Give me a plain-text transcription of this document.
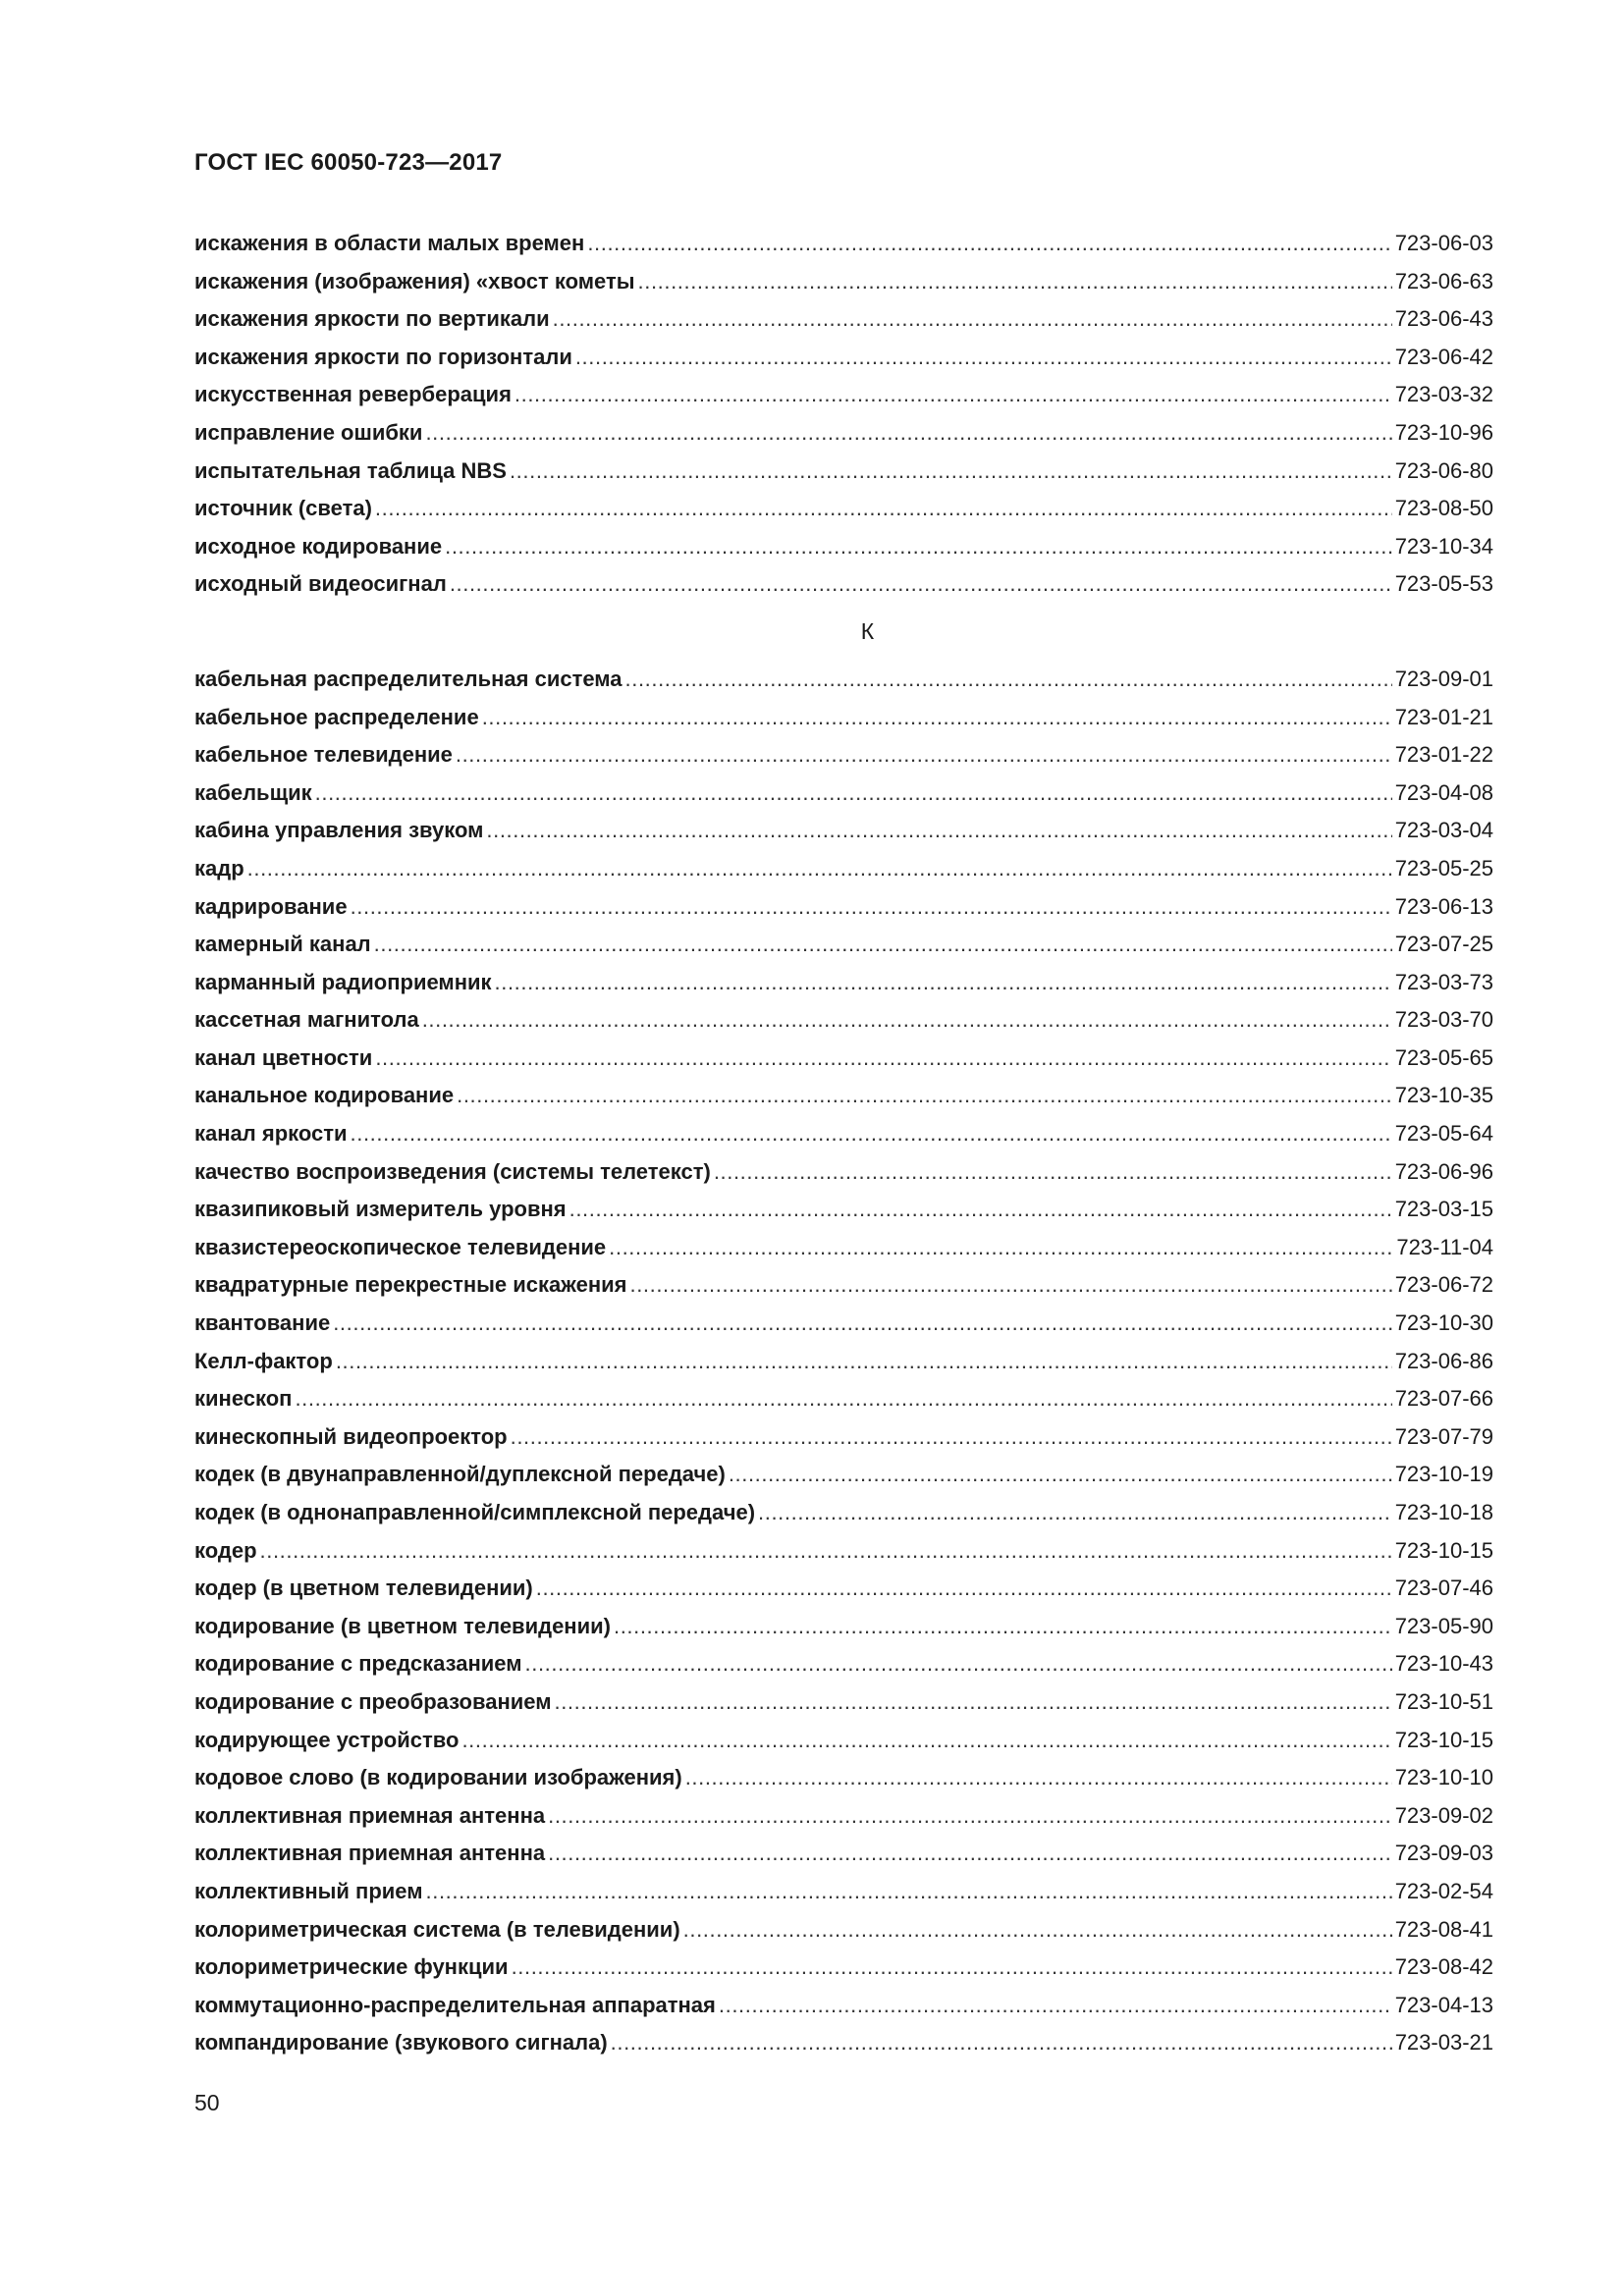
ГОСТ IEC 60050-723—2017
искажения в области малых времен .....	723-06-03
искажения (изображения) «хвост кометы .....	723-06-63
искажения яркости по вертикали .....	723-06-43
искажения яркости по горизонтали .....	723-06-42
искусственная реверберация .....	723-03-32
исправление ошибки .....	723-10-96
испытательная таблица NBS .....	723-06-80
источник (света) .....	723-08-50
исходное кодирование .....	723-10-34
исходный видеосигнал .....	723-05-53
К
кабельная распределительная система .....	723-09-01
кабельное распределение .....	723-01-21
кабельное телевидение .....	723-01-22
кабельщик .....	723-04-08
кабина управления звуком .....	723-03-04
кадр .....	723-05-25
кадрирование .....	723-06-13
камерный канал .....	723-07-25
карманный радиоприемник .....	723-03-73
кассетная магнитола .....	723-03-70
канал цветности .....	723-05-65
канальное кодирование .....	723-10-35
канал яркости .....	723-05-64
качество воспроизведения (системы телетекст) .....	723-06-96
квазипиковый измеритель уровня .....	723-03-15
квазистереоскопическое телевидение .....	723-11-04
квадратурные перекрестные искажения .....	723-06-72
квантование .....	723-10-30
Келл-фактор .....	723-06-86
кинескоп .....	723-07-66
кинескопный видеопроектор .....	723-07-79
кодек (в двунаправленной/дуплексной передаче) .....	723-10-19
кодек (в однонаправленной/симплексной передаче) .....	723-10-18
кодер .....	723-10-15
кодер (в цветном телевидении) .....	723-07-46
кодирование (в цветном телевидении) .....	723-05-90
кодирование с предсказанием .....	723-10-43
кодирование с преобразованием .....	723-10-51
кодирующее устройство .....	723-10-15
кодовое слово (в кодировании изображения) .....	723-10-10
коллективная приемная антенна .....	723-09-02
коллективная приемная антенна .....	723-09-03
коллективный прием .....	723-02-54
колориметрическая система (в телевидении) .....	723-08-41
колориметрические функции .....	723-08-42
коммутационно-распределительная аппаратная .....	723-04-13
компандирование (звукового сигнала) .....	723-03-21
50
